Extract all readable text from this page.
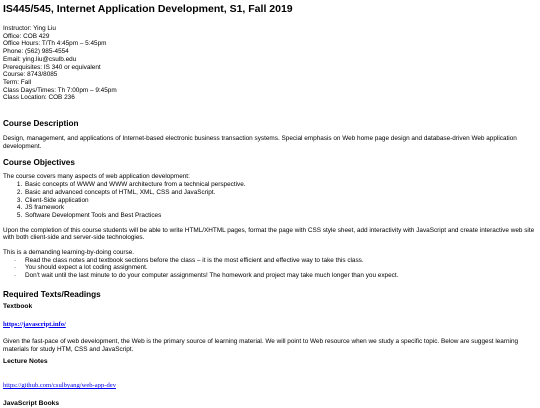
IS445/545, Internet Application Development, S1, Fall 2019
Instructor: Ying Liu
Office: COB 429
Office Hours: T/Th 4:45pm – 5:45pm
Phone: (562) 985-4554
Email: ying.liu@csulb.edu
Prerequisites: IS 340 or equivalent
Course: 8743/8085
Term: Fall
Class Days/Times: Th 7:00pm – 9:45pm
Class Location: COB 236
Course Description

Design, management, and applications of Internet-based electronic business transaction systems. Special emphasis on Web home page design and database-driven Web application development.

Course Objectives

The course covers many aspects of web application development:

1. Basic concepts of WWW and WWW architecture from a technical perspective.
2. Basic and advanced concepts of HTML, XML, CSS and JavaScript.
3. Client-Side application
4. JS framework
5. Software Development Tools and Best Practices

Upon the completion of this course students will be able to write HTML/XHTML pages, format the page with CSS style sheet, add interactivity with JavaScript and create interactive web site with both client-side and server-side technologies.

This is a demanding learning-by-doing course.

· Read the class notes and textbook sections before the class – it is the most efficient and effective way to take this class.
· You should expect a lot coding assignment.
· Don't wait until the last minute to do your computer assignments! The homework and project may take much longer than you expect.
Required Texts/Readings
Textbook
https://javascript.info/

Given the fast-pace of web development, the Web is the primary source of learning material. We will point to Web resource when we study a specific topic. Below are suggest learning materials for study HTM, CSS and JavaScript.

Lecture Notes
https://github.com/csulbyang/web-app-dev
JavaScript Books
